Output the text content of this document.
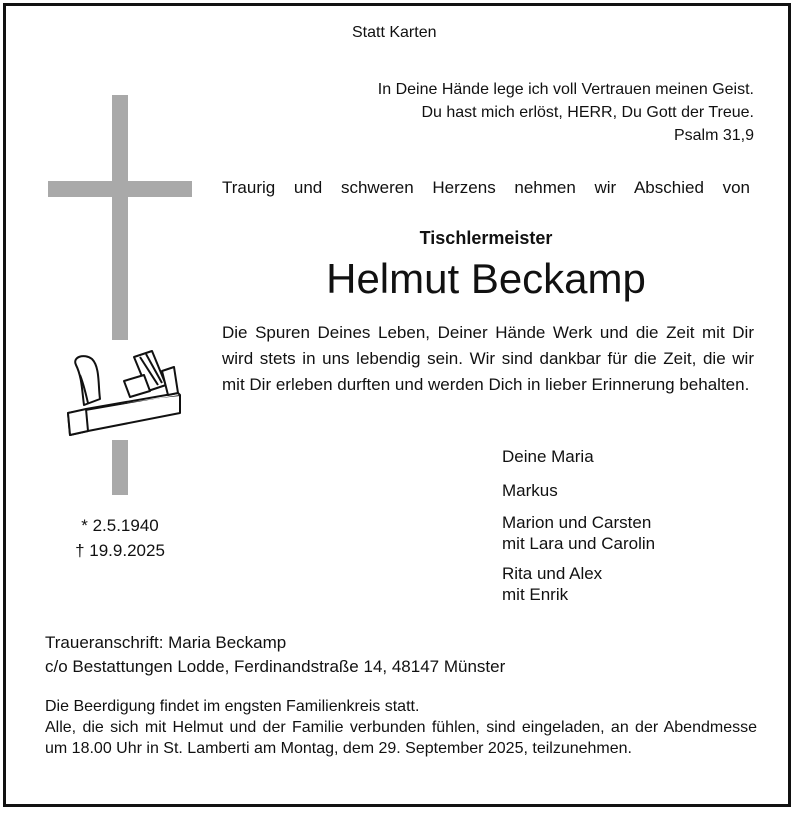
Statt Karten
In Deine Hände lege ich voll Vertrauen meinen Geist.
Du hast mich erlöst, HERR, Du Gott der Treue.
Psalm 31,9
Traurig und schweren Herzens nehmen wir Abschied von
Tischlermeister
Helmut Beckamp
Die Spuren Deines Leben, Deiner Hände Werk und die Zeit mit Dir wird stets in uns lebendig sein. Wir sind dankbar für die Zeit, die wir mit Dir erleben durften und werden Dich in lieber Erinnerung behalten.
Deine Maria
Markus
Marion und Carsten
mit Lara und Carolin
Rita und Alex
mit Enrik
* 2.5.1940
† 19.9.2025
Traueranschrift: Maria Beckamp
c/o Bestattungen Lodde, Ferdinandstraße 14, 48147 Münster
Die Beerdigung findet im engsten Familienkreis statt.
Alle, die sich mit Helmut und der Familie verbunden fühlen, sind eingeladen, an der Abendmesse um 18.00 Uhr in St. Lamberti am Montag, dem 29. September 2025, teilzunehmen.
